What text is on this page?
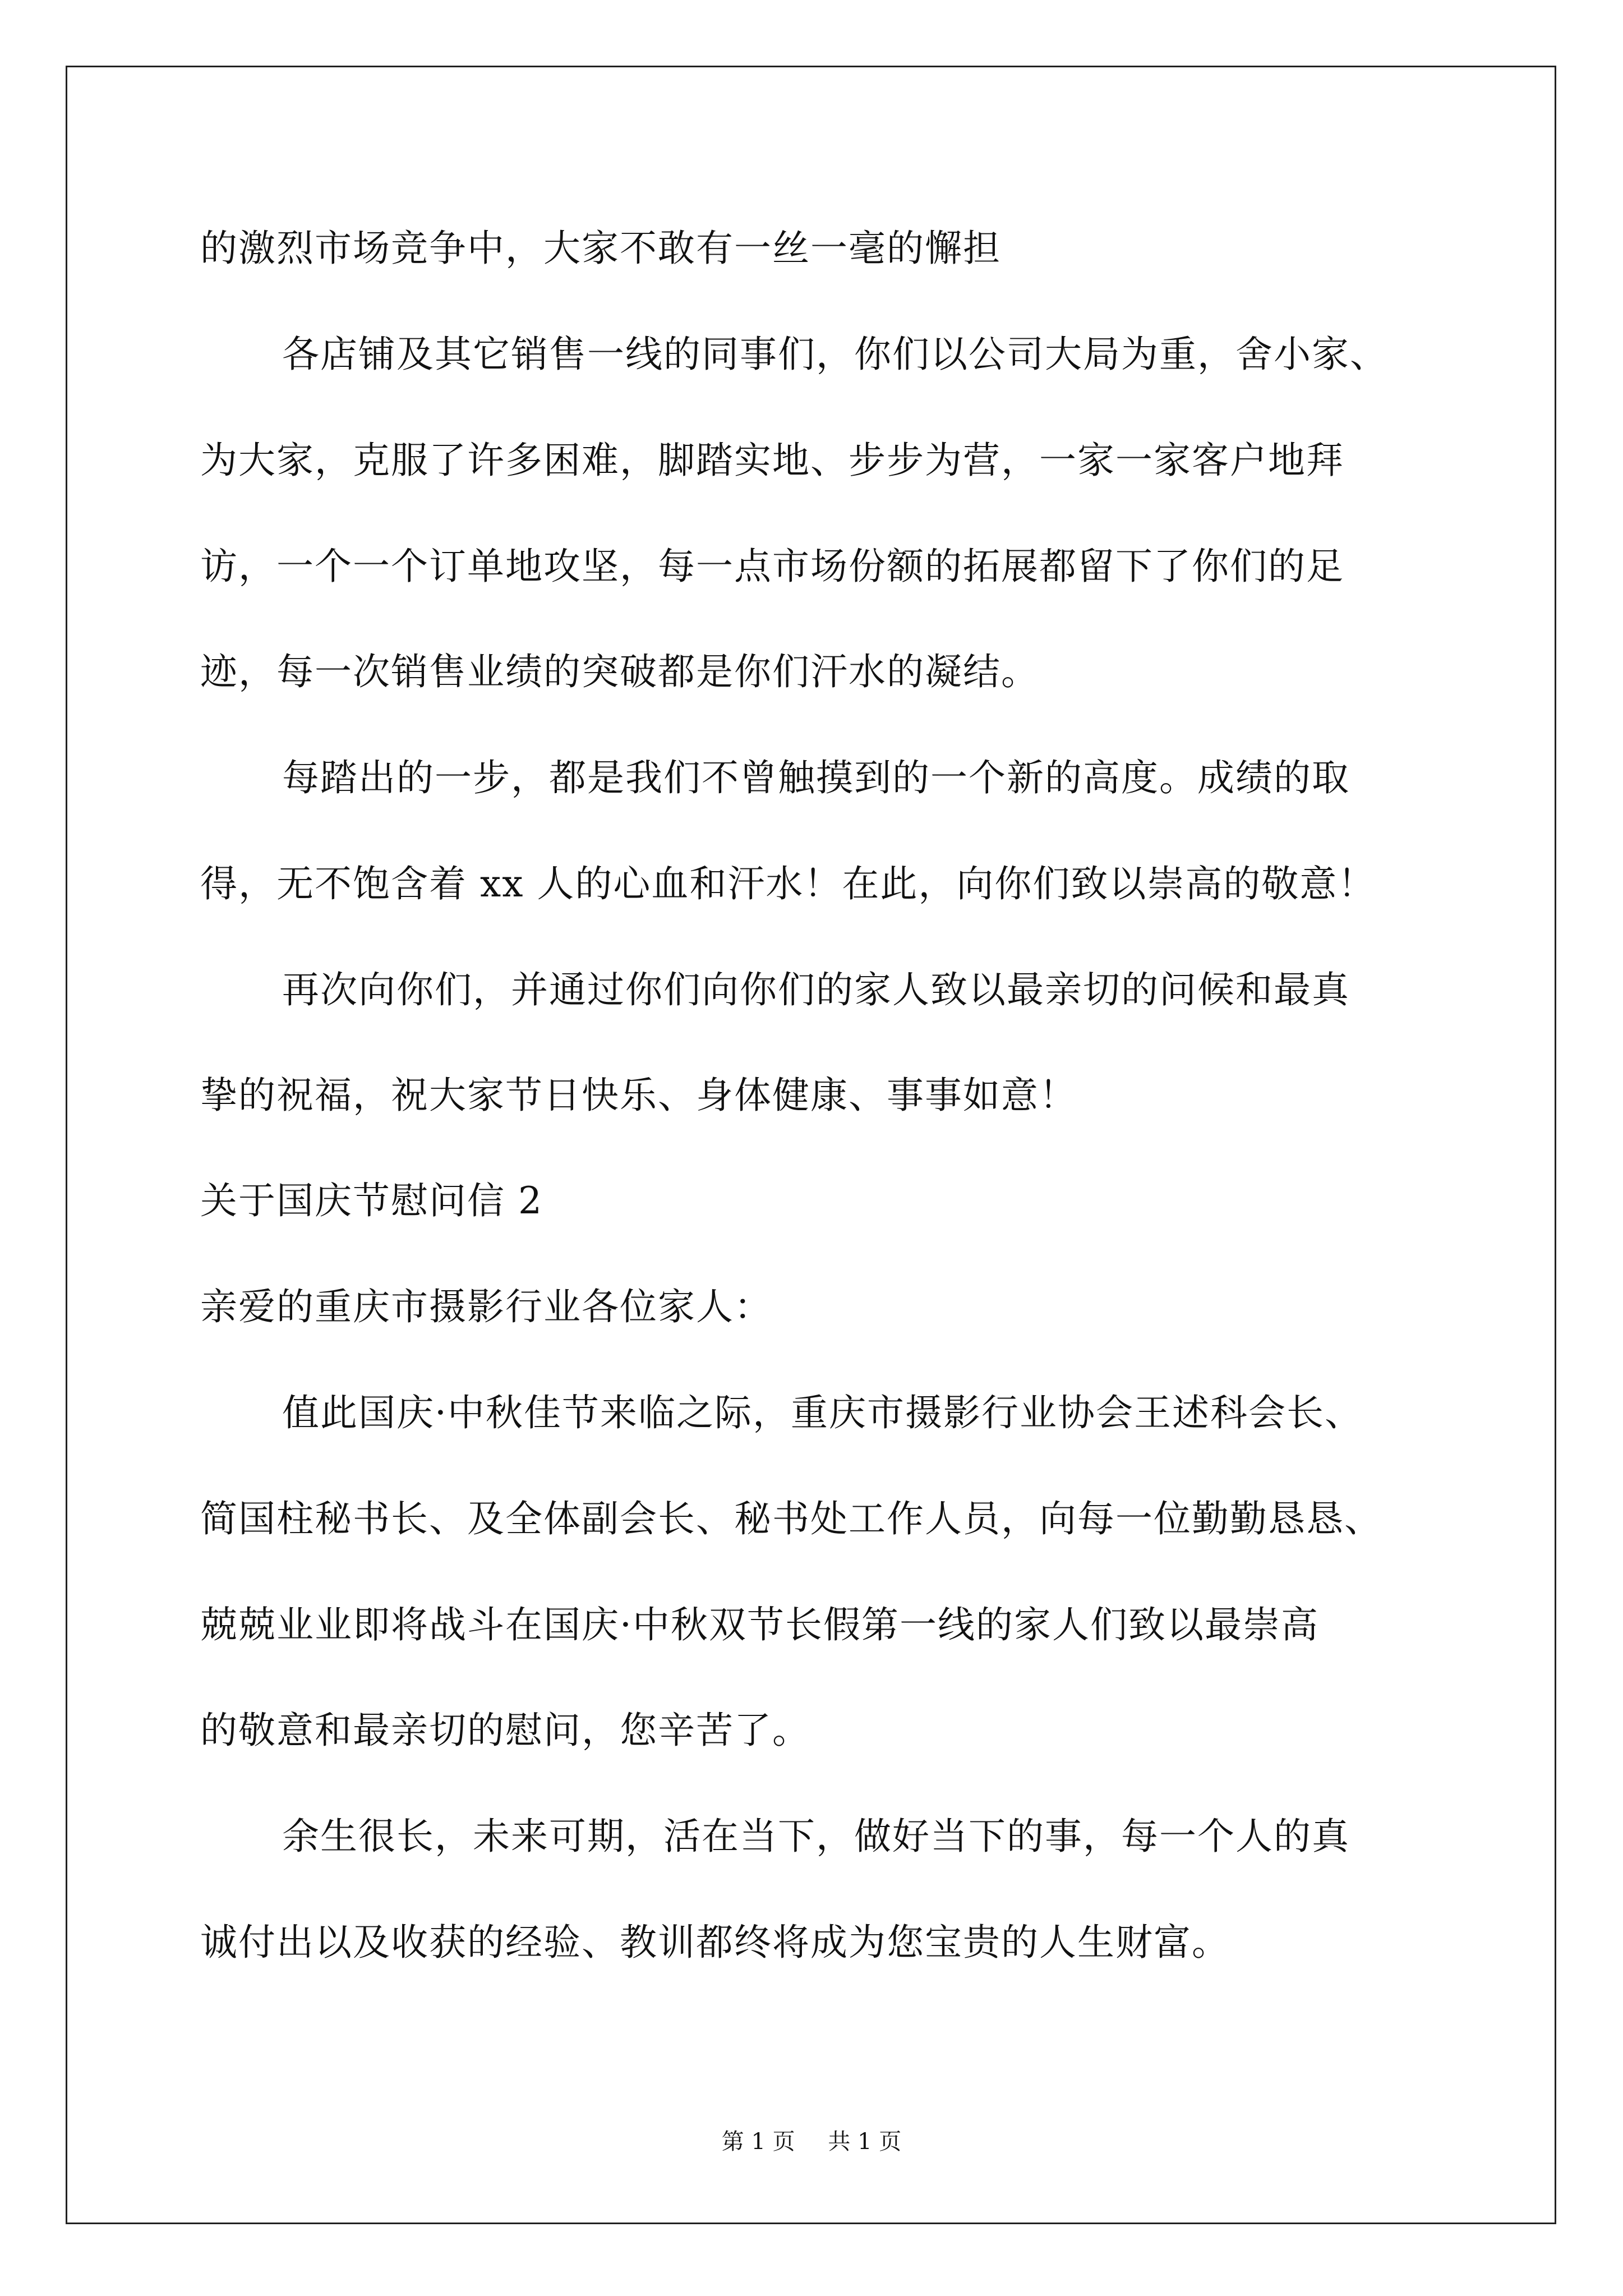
的激烈市场竞争中，大家不敢有一丝一毫的懈担
各店铺及其它销售一线的同事们，你们以公司大局为重，舍小家、
为大家，克服了许多困难，脚踏实地、步步为营，一家一家客户地拜
访，一个一个订单地攻坚，每一点市场份额的拓展都留下了你们的足
迹，每一次销售业绩的突破都是你们汗水的凝结。
每踏出的一步，都是我们不曾触摸到的一个新的高度。成绩的取
得，无不饱含着 xx 人的心血和汗水！在此，向你们致以崇高的敬意！
再次向你们，并通过你们向你们的家人致以最亲切的问候和最真
挚的祝福，祝大家节日快乐、身体健康、事事如意！
关于国庆节慰问信 2
亲爱的重庆市摄影行业各位家人：
值此国庆·中秋佳节来临之际，重庆市摄影行业协会王述科会长、
简国柱秘书长、及全体副会长、秘书处工作人员，向每一位勤勤恳恳、
兢兢业业即将战斗在国庆·中秋双节长假第一线的家人们致以最崇高
的敬意和最亲切的慰问，您辛苦了。
余生很长，未来可期，活在当下，做好当下的事，每一个人的真
诚付出以及收获的经验、教训都终将成为您宝贵的人生财富。
第 1 页 共 1 页
